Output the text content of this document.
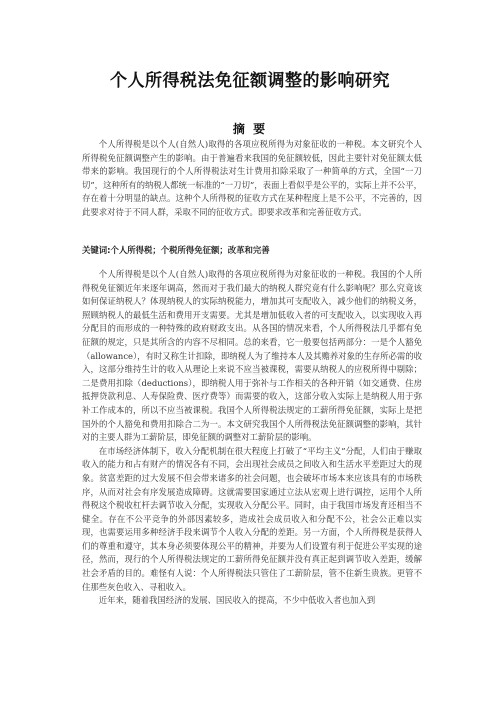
○
个人所得税法免征额调整的影响研究
摘 要

个人所得税是以个人(自然人)取得的各项应税所得为对象征收的一种税。本文研究个人所得税免征额调整产生的影响。由于普遍看来我国的免征额较低，因此主要针对免征额太低带来的影响。我国现行的个人所得税法对生计费用扣除采取了一种简单的方式，全国“一刀切”，这种所有的纳税人都统一标准的“一刀切”，表面上看似乎是公平的，实际上并不公平，存在着十分明显的缺点。这种个人所得税的征收方式在某种程度上是不公平，不完善的，因此要求对待于不同人群，采取不同的征收方式。即要求改革和完善征收方式。

关键词:个人所得税；个税所得免征额；改革和完善

个人所得税是以个人(自然人)取得的各项应税所得为对象征收的一种税。我国的个人所得税免征额近年来逐年调高，然而对于我们最大的纳税人群究竟有什么影响呢？那么究竟该如何保证纳税人？体现纳税人的实际纳税能力，增加其可支配收入，减少他们的纳税义务，照顾纳税人的最低生活和费用开支需要。尤其是增加低收入者的可支配收入，以实现收入再分配目的而形成的一种特殊的政府财政支出。从各国的情况来看，个人所得税法几乎都有免征额的规定，只是其所含的内容不尽相同。总的来看，它一般要包括两部分：一是个人豁免（allowance），有时又称生计扣除，即纳税人为了维持本人及其赡养对象的生存所必需的收入，这部分维持生计的收入从理论上来说不应当被课税，需要从纳税人的应税所得中剔除；二是费用扣除（deductions），即纳税人用于弥补与工作相关的各种开销（如交通费、住房抵押贷款利息、人寿保险费、医疗费等）而需要的收入，这部分收入实际上是纳税人用于弥补工作成本的，所以不应当被课税。我国个人所得税法规定的工薪所得免征额，实际上是把国外的个人豁免和费用扣除合二为一。本文研究我国个人所得税法免征额调整的影响，其针对的主要人群为工薪阶层，即免征额的调整对工薪阶层的影响。

在市场经济体制下，收入分配机制在很大程度上打破了“平均主义”分配，人们由于赚取收入的能力和占有财产的情况各有不同，会出现社会成员之间收入和生活水平差距过大的现象。贫富差距的过大发展不但会带来诸多的社会问题，也会破坏市场本来应该具有的市场秩序，从而对社会有序发展造成障碍。这就需要国家通过立法从宏观上进行调控，运用个人所得税这个税收杠杆去调节收入分配，实现收入分配公平。同时，由于我国市场发育还相当不健全。存在不公平竞争的外部因素较多，造成社会成员收入和分配不公，社会公正难以实现，也需要运用多种经济手段来调节个人收入分配的差距。另一方面，个人所得税是获得人们的尊重和遵守，其本身必须要体现公平的精神，并要为人们设置有利于促进公平实现的途径，然而，现行的个人所得税法规定的工薪所得免征额并没有真正起到调节收入差距，缓解社会矛盾的目的。难怪有人说：个人所得税法只管住了工薪阶层，管不住新生贵族。更管不住那些灰色收入、寻租收入。

近年来，随着我国经济的发展、国民收入的提高，不少中低收入者也加入到
